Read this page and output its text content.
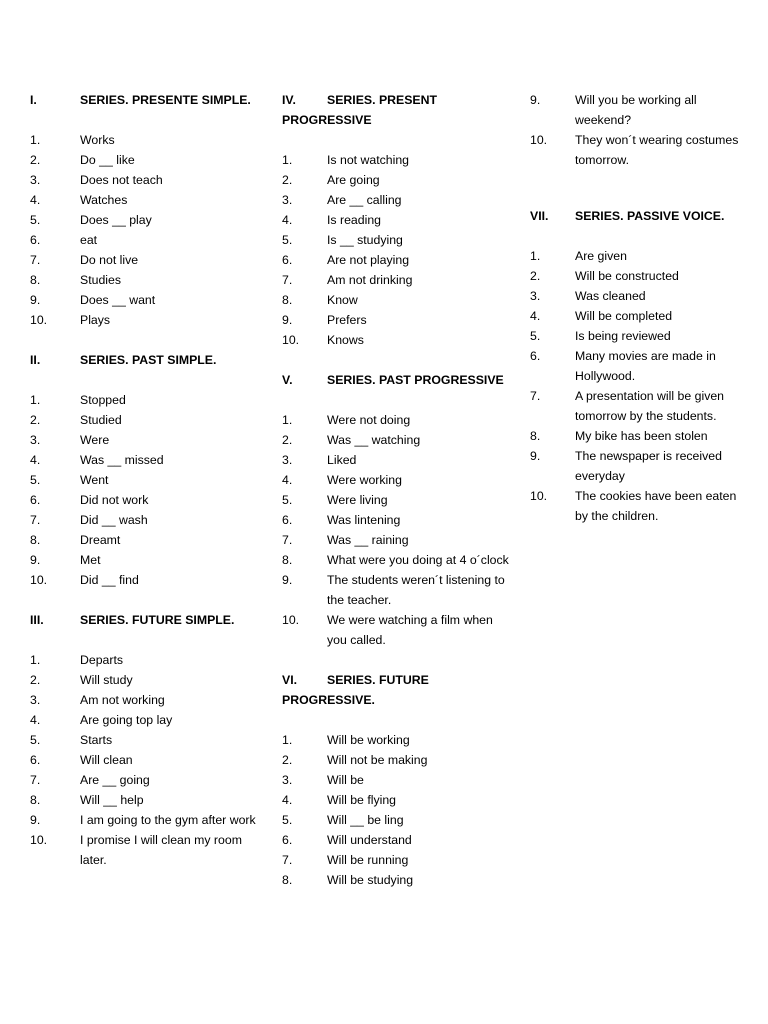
I.	SERIES. PRESENTE SIMPLE.
1.	Works
2.	Do __ like
3.	Does not teach
4.	Watches
5.	Does __ play
6.	eat
7.	Do not live
8.	Studies
9.	Does __ want
10.	Plays
II.	SERIES. PAST SIMPLE.
1.	Stopped
2.	Studied
3.	Were
4.	Was __ missed
5.	Went
6.	Did not work
7.	Did __ wash
8.	Dreamt
9.	Met
10.	Did __ find
III.	SERIES. FUTURE SIMPLE.
1.	Departs
2.	Will study
3.	Am not working
4.	Are going top lay
5.	Starts
6.	Will clean
7.	Are __ going
8.	Will __ help
9.	I am going to the gym after work
10.	I promise I will clean my room later.
IV.	SERIES. PRESENT PROGRESSIVE
1.	Is not watching
2.	Are going
3.	Are __ calling
4.	Is reading
5.	Is __ studying
6.	Are not playing
7.	Am not drinking
8.	Know
9.	Prefers
10.	Knows
V.	SERIES. PAST PROGRESSIVE
1.	Were not doing
2.	Was __ watching
3.	Liked
4.	Were working
5.	Were living
6.	Was lintening
7.	Was __ raining
8.	What were you doing at 4 o´clock
9.	The students weren´t listening to the teacher.
10.	We were watching a film when you called.
VI. SERIES. FUTURE PROGRESSIVE.
1.	Will be working
2.	Will not be making
3.	Will be
4.	Will be flying
5.	Will __ be ling
6.	Will understand
7.	Will be running
8.	Will be studying
9.	Will you be working all weekend?
10.	They won´t wearing costumes tomorrow.
VII.	SERIES. PASSIVE VOICE.
1.	Are given
2.	Will be constructed
3.	Was cleaned
4.	Will be completed
5.	Is being reviewed
6.	Many movies are made in Hollywood.
7.	A presentation will be given tomorrow by the students.
8.	My bike has been stolen
9.	The newspaper is received everyday
10.	The cookies have been eaten by the children.
